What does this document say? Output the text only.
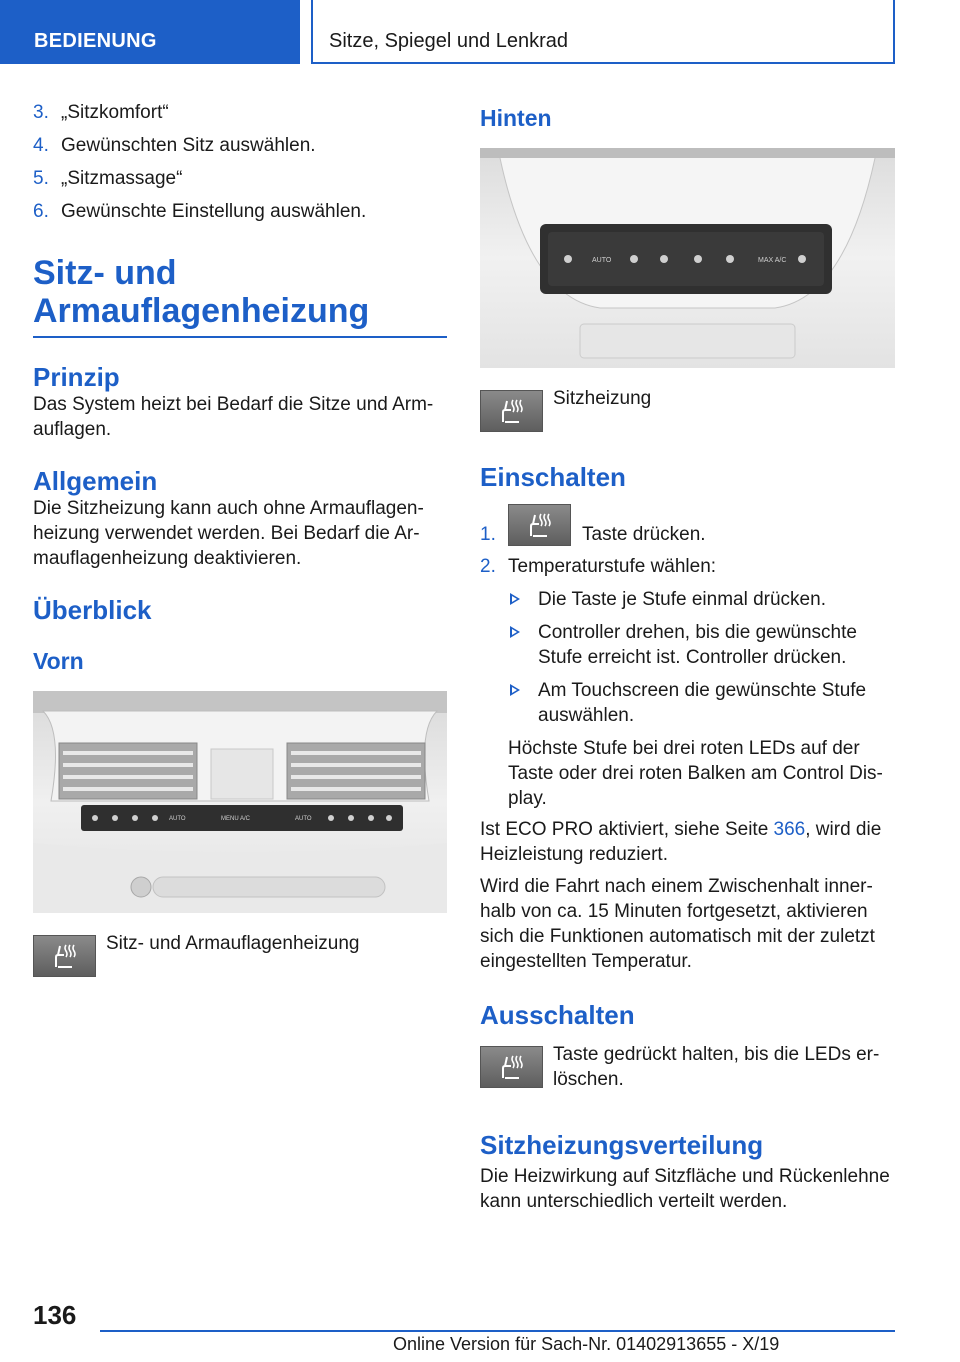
BEDIENUNG	Sitze, Spiegel und Lenkrad
3. „Sitzkomfort“
4. Gewünschten Sitz auswählen.
5. „Sitzmassage“
6. Gewünschte Einstellung auswählen.
Sitz- und
Armauflagenheizung
Prinzip
Das System heizt bei Bedarf die Sitze und Arm‐
auflagen.
Allgemein
Die Sitzheizung kann auch ohne Armauflagen‐
heizung verwendet werden. Bei Bedarf die Ar‐
mauflagenheizung deaktivieren.
Überblick
Vorn
AUTO	MENU A/C	AUTO
Sitz- und Armauflagenheizung
Hinten
AUTO	MAX A/C
Sitzheizung
Einschalten
1.	Taste drücken.
2. Temperaturstufe wählen:
Die Taste je Stufe einmal drücken.
Controller drehen, bis die gewünschte
Stufe erreicht ist. Controller drücken.
Am Touchscreen die gewünschte Stufe
auswählen.
Höchste Stufe bei drei roten LEDs auf der
Taste oder drei roten Balken am Control Dis‐
play.
Ist ECO PRO aktiviert, siehe Seite 366, wird die
Heizleistung reduziert.
Wird die Fahrt nach einem Zwischenhalt inner‐
halb von ca. 15 Minuten fortgesetzt, aktivieren
sich die Funktionen automatisch mit der zuletzt
eingestellten Temperatur.
Ausschalten
Taste gedrückt halten, bis die LEDs er‐
löschen.
Sitzheizungsverteilung
Die Heizwirkung auf Sitzfläche und Rückenlehne
kann unterschiedlich verteilt werden.
136
Online Version für Sach-Nr. 01402913655 - X/19
